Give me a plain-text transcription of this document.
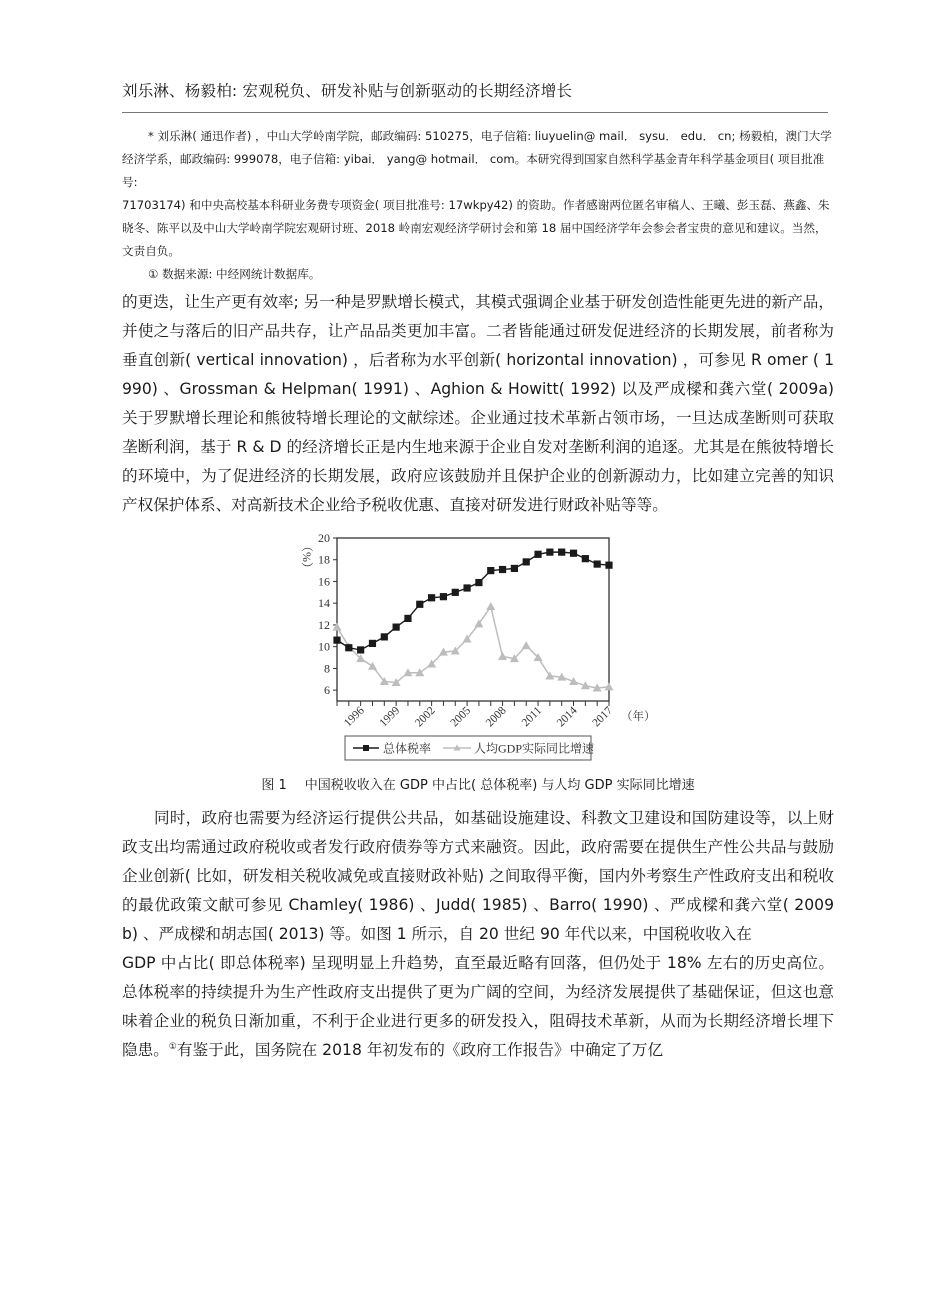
刘乐淋、杨毅柏: 宏观税负、研发补贴与创新驱动的长期经济增长

* 刘乐淋( 通迅作者) ，中山大学岭南学院，邮政编码: 510275，电子信箱: liuyuelin@ mail． sysu． edu． cn; 杨毅柏，澳门大学经济学系，邮政编码: 999078，电子信箱: yibai． yang@ hotmail． com。本研究得到国家自然科学基金青年科学基金项目( 项目批准号:

71703174) 和中央高校基本科研业务费专项资金( 项目批准号: 17wkpy42) 的资助。作者感谢两位匿名审稿人、王曦、彭玉磊、燕鑫、朱晓冬、陈平以及中山大学岭南学院宏观研讨班、2018 岭南宏观经济学研讨会和第 18 届中国经济学年会参会者宝贵的意见和建议。当然，文责自负。

① 数据来源: 中经网统计数据库。

的更迭，让生产更有效率; 另一种是罗默增长模式，其模式强调企业基于研发创造性能更先进的新产品，并使之与落后的旧产品共存，让产品品类更加丰富。二者皆能通过研发促进经济的长期发展，前者称为垂直创新( vertical innovation) ，后者称为水平创新( horizontal innovation) ，可参见 R omer ( 1990) 、Grossman & Helpman( 1991) 、Aghion & Howitt( 1992) 以及严成樑和龚六堂( 2009a) 关于罗默增长理论和熊彼特增长理论的文献综述。企业通过技术革新占领市场，一旦达成垄断则可获取垄断利润，基于 R & D 的经济增长正是内生地来源于企业自发对垄断利润的追逐。尤其是在熊彼特增长的环境中，为了促进经济的长期发展，政府应该鼓励并且保护企业的创新源动力，比如建立完善的知识产权保护体系、对高新技术企业给予税收优惠、直接对研发进行财政补贴等等。

6
8
10
12
14
16
18
20
（%）
1996 1999 2002 2005 2008 2011 2014 2017 （年）
总体税率	人均GDP实际同比增速
图 1 中国税收收入在 GDP 中占比( 总体税率) 与人均 GDP 实际同比增速

同时，政府也需要为经济运行提供公共品，如基础设施建设、科教文卫建设和国防建设等，以上财政支出均需通过政府税收或者发行政府债券等方式来融资。因此，政府需要在提供生产性公共品与鼓励企业创新( 比如，研发相关税收减免或直接财政补贴) 之间取得平衡，国内外考察生产性政府支出和税收的最优政策文献可参见 Chamley( 1986) 、Judd( 1985) 、Barro( 1990) 、严成樑和龚六堂( 2009b) 、严成樑和胡志国( 2013) 等。如图 1 所示，自 20 世纪 90 年代以来，中国税收收入在

GDP 中占比( 即总体税率) 呈现明显上升趋势，直至最近略有回落，但仍处于 18% 左右的历史高位。总体税率的持续提升为生产性政府支出提供了更为广阔的空间，为经济发展提供了基础保证，但这也意味着企业的税负日渐加重，不利于企业进行更多的研发投入，阻碍技术革新，从而为长期经济增长埋下隐患。①有鉴于此，国务院在 2018 年初发布的《政府工作报告》中确定了万亿
